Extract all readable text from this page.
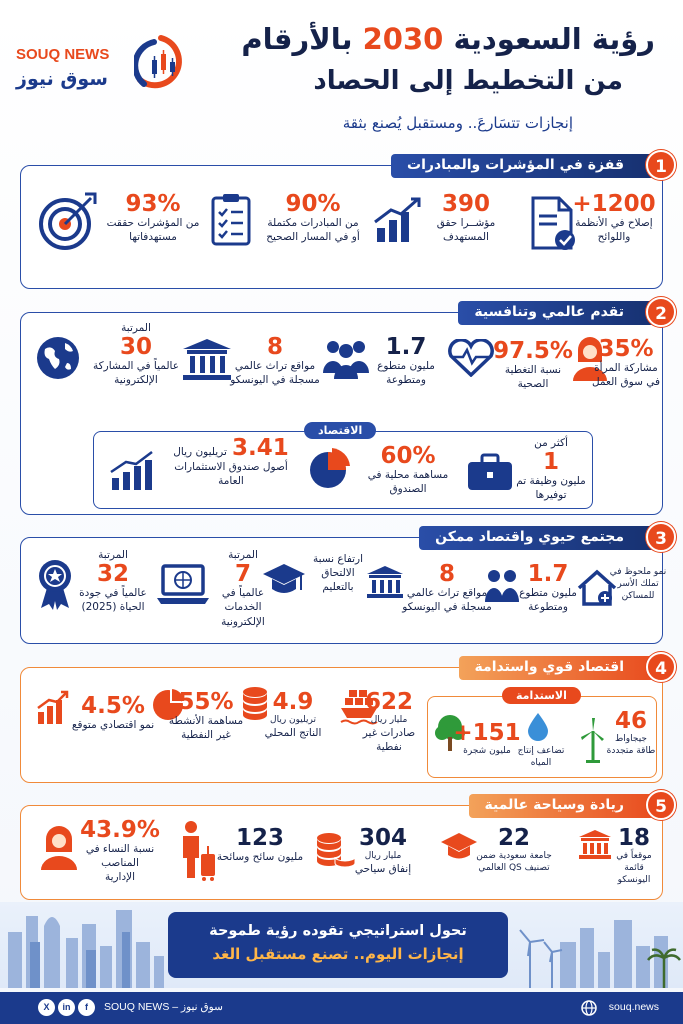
SOUQ NEWS
سوق نيوز
رؤية السعودية 2030 بالأرقام
من التخطيط إلى الحصاد
إنجازات تتسَارعَ.. ومستقبل يُصنع بثقة
قفزة في المؤشرات والمبادرات	1
+1200
إصلاح في الأنظمة واللوائح
390
مؤشــرا حقق المستهدف
90%
من المبادرات مكتملة أو في المسار الصحيح
93%
من المؤشرات حققت مستهدفاتها
تقدم عالمي وتنافسية	2
35%
مشاركة المرأة في سوق العمل
97.5%
نسبة التغطية الصحية
1.7
مليون متطوع ومتطوعة
8
مواقع تراث عالمي مسجلة في اليونسكو
المرتبة
30
عالمياً في المشاركة الإلكترونية
الاقتصاد
أكثر من
1
مليون وظيفة تم توفيرها
60%
مساهمة محلية في الصندوق
3.41 تريليون ريال
أصول صندوق الاستثمارات العامة
مجتمع حيوي واقتصاد ممكن	3
نمو ملحوظ في تملك الأسر للمساكن
1.7
مليون متطوع ومتطوعة
8
مواقع تراث عالمي مسجلة في اليونسكو
ارتفاع نسبة الالتحاق بالتعليم
المرتبة
7
عالمياً في الخدمات الإلكترونية
المرتبة
32
عالمياً في جودة الحياة (2025)
اقتصاد قوي واستدامة	4
الاستدامة
46
جيجاواط طاقة متجددة
تضاعف إنتاج المياه
+151
مليون شجرة
622
مليار ريال
صادرات غير نفطية
4.9
تريليون ريال
الناتج المحلي
55%
مساهمة الأنشطة غير النفطية
4.5%
نمو اقتصادي متوقع
ريادة وسياحة عالمية	5
18
موقعاً في قائمة اليونسكو
22
جامعة سعودية ضمن تصنيف QS العالمي
304
مليار ريال
إنفاق سياحي
123
مليون سائح وسائحة
43.9%
نسبة النساء في المناصب الإدارية
تحول استراتيجي تقوده رؤية طموحة
إنجازات اليوم.. تصنع مستقبل الغد
X	in	f	SOUQ NEWS – سوق نيوز	souq.news
